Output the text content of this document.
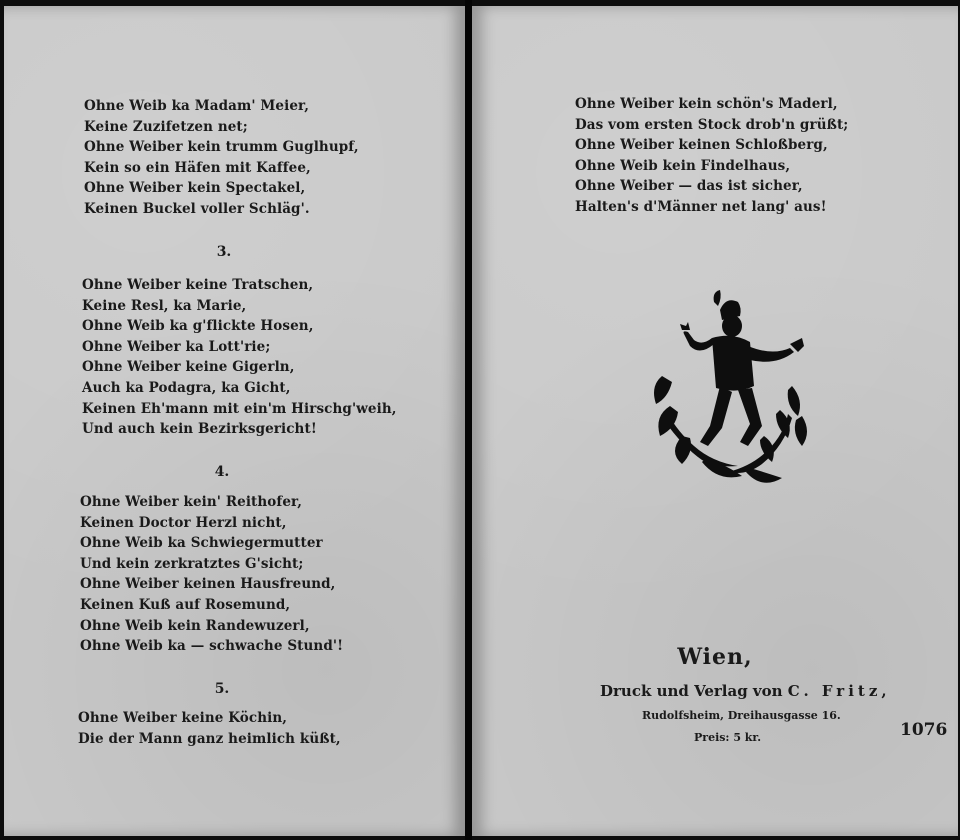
Ohne Weib ka Madam' Meier,
Keine Zuzifetzen net;
Ohne Weiber kein trumm Guglhupf,
Kein so ein Häfen mit Kaffee,
Ohne Weiber kein Spectakel,
Keinen Buckel voller Schläg'.
3.
Ohne Weiber keine Tratschen,
Keine Resl, ka Marie,
Ohne Weib ka g'flickte Hosen,
Ohne Weiber ka Lott'rie;
Ohne Weiber keine Gigerln,
Auch ka Podagra, ka Gicht,
Keinen Eh'mann mit ein'm Hirschg'weih,
Und auch kein Bezirksgericht!
4.
Ohne Weiber kein' Reithofer,
Keinen Doctor Herzl nicht,
Ohne Weib ka Schwiegermutter
Und kein zerkratztes G'sicht;
Ohne Weiber keinen Hausfreund,
Keinen Kuß auf Rosemund,
Ohne Weib kein Randewuzerl,
Ohne Weib ka — schwache Stund'!
5.
Ohne Weiber keine Köchin,
Die der Mann ganz heimlich küßt,
Ohne Weiber kein schön's Maderl,
Das vom ersten Stock drob'n grüßt;
Ohne Weiber keinen Schloßberg,
Ohne Weib kein Findelhaus,
Ohne Weiber — das ist sicher,
Halten's d'Männer net lang' aus!
Wien,
Druck und Verlag von C. Fritz,
Rudolfsheim, Dreihausgasse 16.
Preis: 5 kr.	1076
